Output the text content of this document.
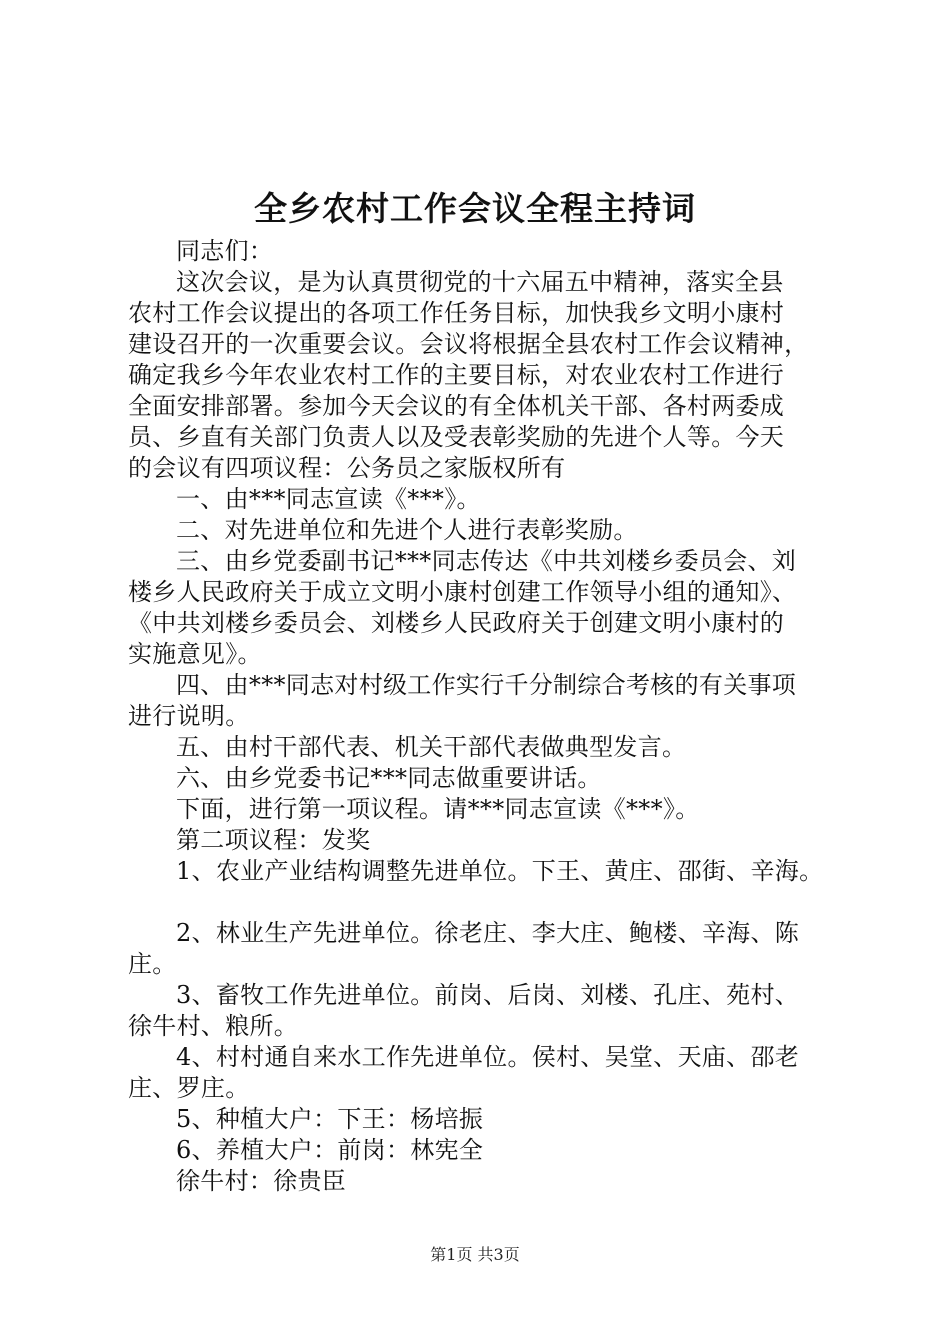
全乡农村工作会议全程主持词
同志们：
这次会议，是为认真贯彻党的十六届五中精神，落实全县
农村工作会议提出的各项工作任务目标，加快我乡文明小康村
建设召开的一次重要会议。会议将根据全县农村工作会议精神，
确定我乡今年农业农村工作的主要目标，对农业农村工作进行
全面安排部署。参加今天会议的有全体机关干部、各村两委成
员、乡直有关部门负责人以及受表彰奖励的先进个人等。今天
的会议有四项议程：公务员之家版权所有
一、由***同志宣读《***》。
二、对先进单位和先进个人进行表彰奖励。
三、由乡党委副书记***同志传达《中共刘楼乡委员会、刘
楼乡人民政府关于成立文明小康村创建工作领导小组的通知》、
《中共刘楼乡委员会、刘楼乡人民政府关于创建文明小康村的
实施意见》。
四、由***同志对村级工作实行千分制综合考核的有关事项
进行说明。
五、由村干部代表、机关干部代表做典型发言。
六、由乡党委书记***同志做重要讲话。
下面，进行第一项议程。请***同志宣读《***》。
第二项议程：发奖
1、农业产业结构调整先进单位。下王、黄庄、邵街、辛海。
2、林业生产先进单位。徐老庄、李大庄、鲍楼、辛海、陈
庄。
3、畜牧工作先进单位。前岗、后岗、刘楼、孔庄、苑村、
徐牛村、粮所。
4、村村通自来水工作先进单位。侯村、吴堂、天庙、邵老
庄、罗庄。
5、种植大户：下王：杨培振
6、养植大户：前岗：林宪全
徐牛村：徐贵臣
第1页 共3页
